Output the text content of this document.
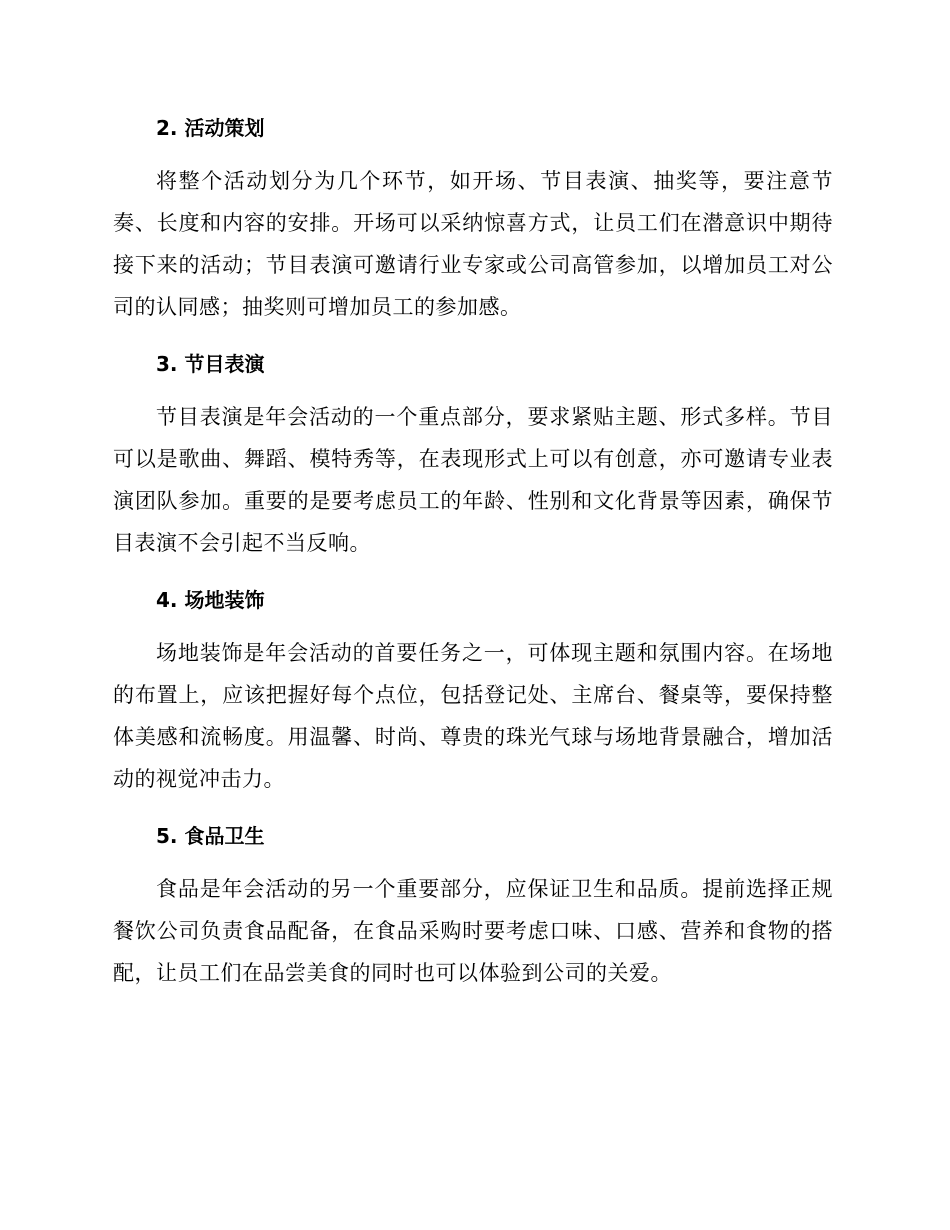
2. 活动策划

将整个活动划分为几个环节，如开场、节目表演、抽奖等，要注意节奏、长度和内容的安排。开场可以采纳惊喜方式，让员工们在潜意识中期待接下来的活动；节目表演可邀请行业专家或公司高管参加，以增加员工对公司的认同感；抽奖则可增加员工的参加感。

3. 节目表演

节目表演是年会活动的一个重点部分，要求紧贴主题、形式多样。节目可以是歌曲、舞蹈、模特秀等，在表现形式上可以有创意，亦可邀请专业表演团队参加。重要的是要考虑员工的年龄、性别和文化背景等因素，确保节目表演不会引起不当反响。

4. 场地装饰

场地装饰是年会活动的首要任务之一，可体现主题和氛围内容。在场地的布置上，应该把握好每个点位，包括登记处、主席台、餐桌等，要保持整体美感和流畅度。用温馨、时尚、尊贵的珠光气球与场地背景融合，增加活动的视觉冲击力。

5. 食品卫生

食品是年会活动的另一个重要部分，应保证卫生和品质。提前选择正规餐饮公司负责食品配备，在食品采购时要考虑口味、口感、营养和食物的搭配，让员工们在品尝美食的同时也可以体验到公司的关爱。
